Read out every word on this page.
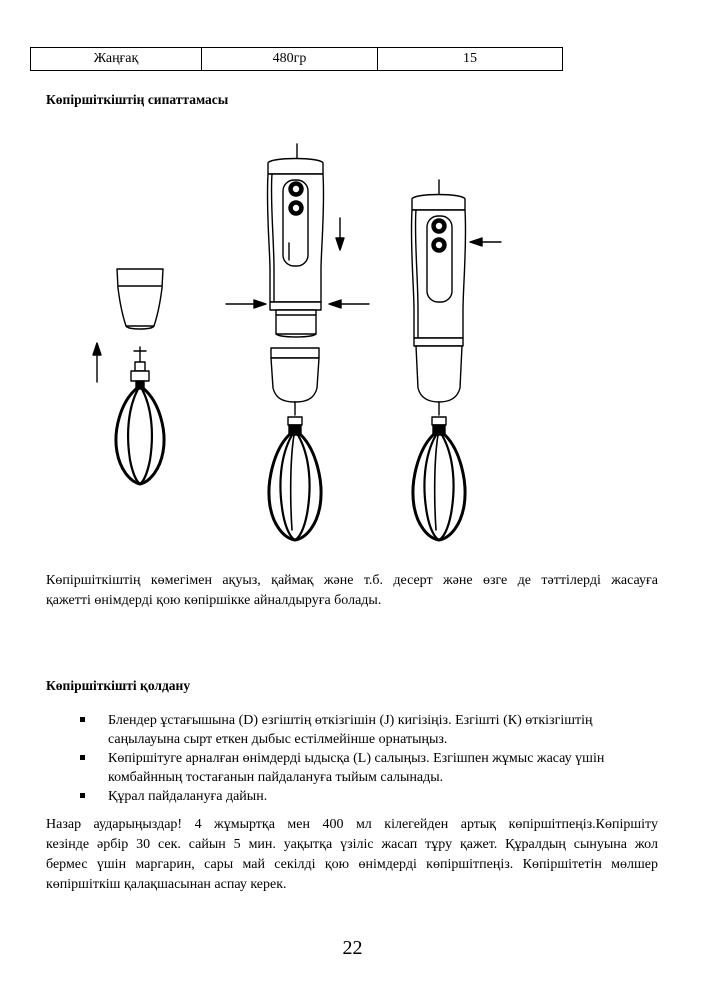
Жаңғақ	480гр	15
Көпіршіткіштің сипаттамасы
Көпіршіткіштің көмегімен ақуыз, қаймақ және т.б. десерт және өзге де тәттілерді жасауға
қажетті өнімдерді қою көпіршікке айналдыруға болады.
Көпіршіткішті қолдану
Блендер ұстағышына (D) езгіштің өткізгішін (J) кигізіңіз. Езгішті (К) өткізгіштің
саңылауына сырт еткен дыбыс естілмейінше орнатыңыз.
Көпіршітуге арналған өнімдерді ыдысқа (L) салыңыз. Езгішпен жұмыс жасау үшін
комбайнның тостағанын пайдалануға тыйым салынады.
Құрал пайдалануға дайын.
Назар аударыңыздар! 4 жұмыртқа мен 400 мл кілегейден артық көпіршітпеңіз.Көпіршіту
кезінде әрбір 30 сек. сайын 5 мин. уақытқа үзіліс жасап тұру қажет. Құралдың сынуына жол
бермес үшін маргарин, сары май секілді қою өнімдерді көпіршітпеңіз. Көпіршітетін мөлшер
көпіршіткіш қалақшасынан аспау керек.
22
